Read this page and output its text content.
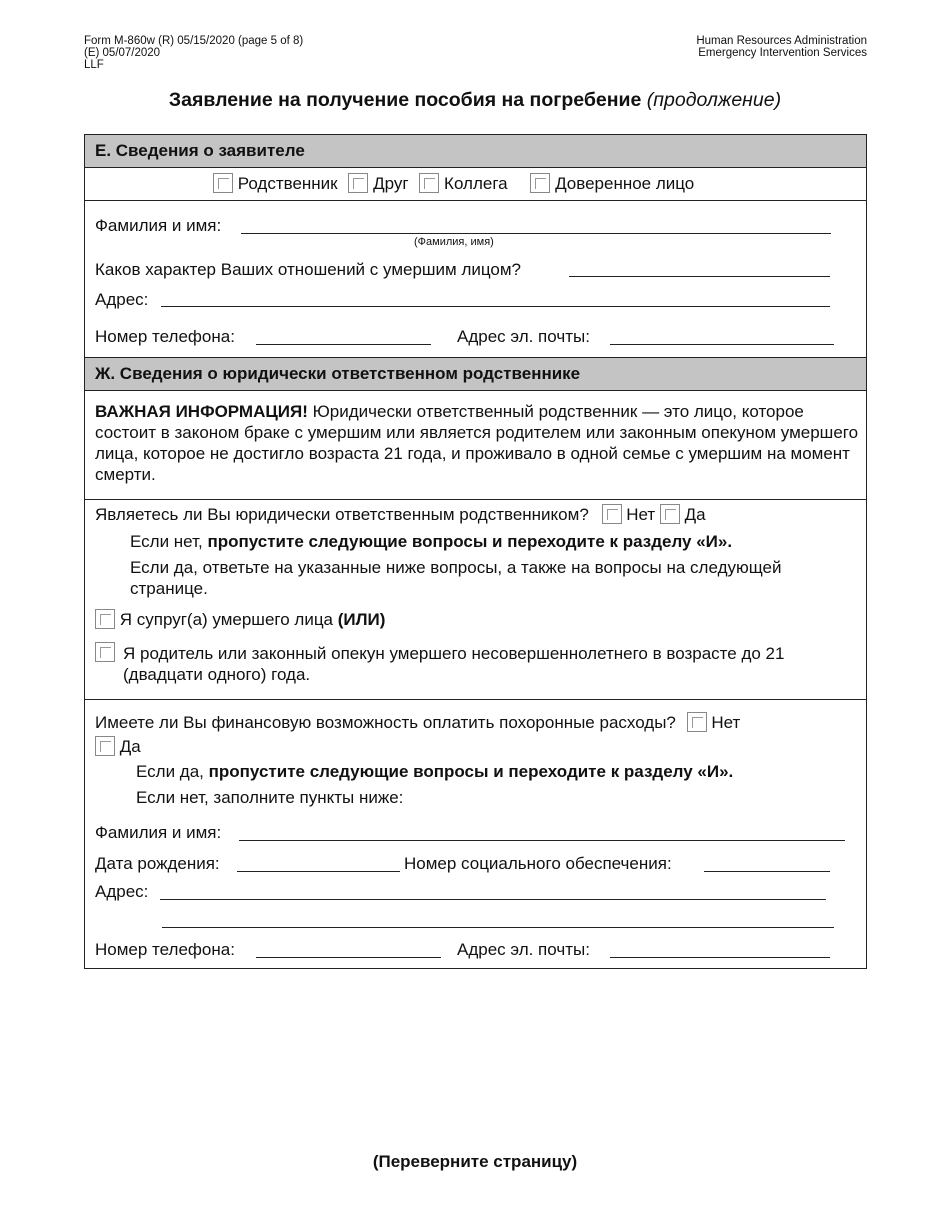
Form M-860w (R) 05/15/2020 (page 5 of 8)
(E) 05/07/2020
LLF
Human Resources Administration
Emergency Intervention Services
Заявление на получение пособия на погребение (продолжение)
E. Сведения о заявителе
Родственник Друг Коллега	Доверенное лицо
Фамилия и имя:
(Фамилия, имя)
Каков характер Ваших отношений с умершим лицом?
Адрес:
Номер телефона:	Адрес эл. почты:
Ж. Сведения о юридически ответственном родственнике
ВАЖНАЯ ИНФОРМАЦИЯ! Юридически ответственный родственник — это лицо, которое состоит в законом браке с умершим или является родителем или законным опекуном умершего лица, которое не достигло возраста 21 года, и проживало в одной семье с умершим на момент смерти.
Являетесь ли Вы юридически ответственным родственником? Нет Да
Если нет, пропустите следующие вопросы и переходите к разделу «И».
Если да, ответьте на указанные ниже вопросы, а также на вопросы на следующей странице.
Я супруг(а) умершего лица (ИЛИ)
Я родитель или законный опекун умершего несовершеннолетнего в возрасте до 21 (двадцати одного) года.
Имеете ли Вы финансовую возможность оплатить похоронные расходы? Нет
Да
Если да, пропустите следующие вопросы и переходите к разделу «И».
Если нет, заполните пункты ниже:
Фамилия и имя:
Дата рождения:	Номер социального обеспечения:
Адрес:
Номер телефона:	Адрес эл. почты:
(Переверните страницу)
